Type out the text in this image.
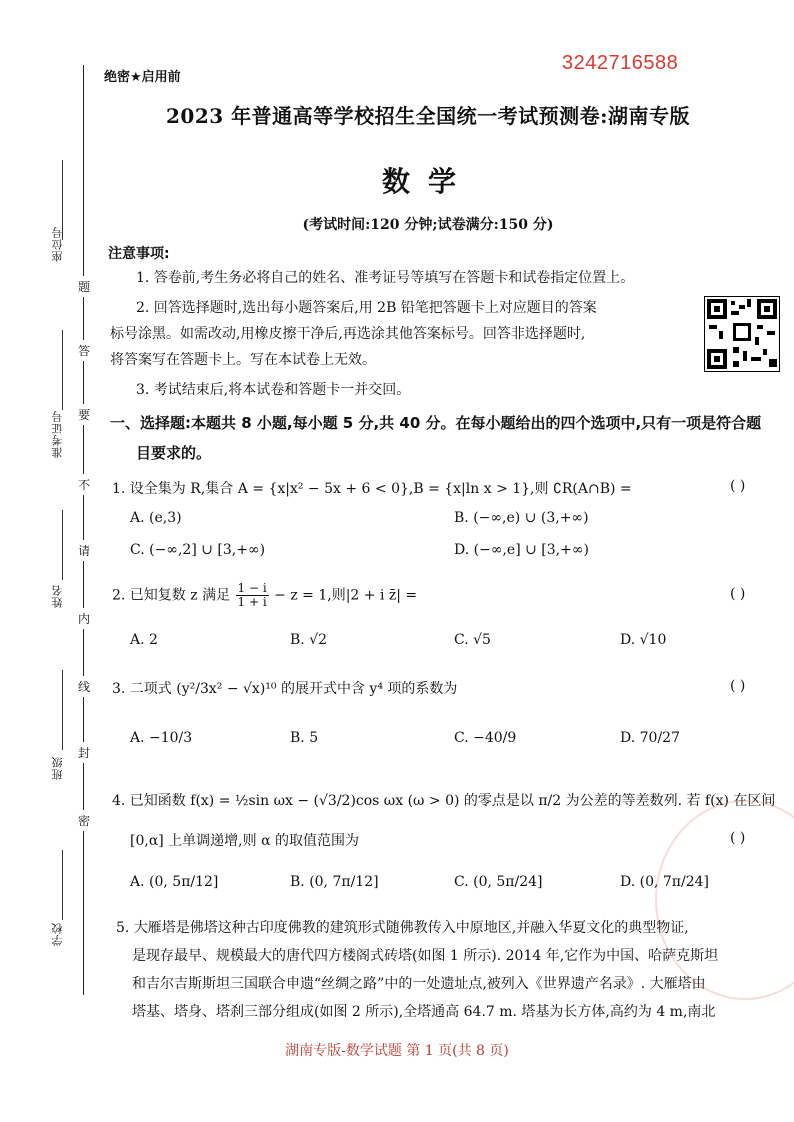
座位号
准考证号
姓名
班级
学校
题
答
要
不
请
内
线
封
密
绝密★启用前
3242716588
2023 年普通高等学校招生全国统一考试预测卷:湖南专版
数学
(考试时间:120 分钟;试卷满分:150 分)
注意事项:
1. 答卷前,考生务必将自己的姓名、准考证号等填写在答题卡和试卷指定位置上。
2. 回答选择题时,选出每小题答案后,用 2B 铅笔把答题卡上对应题目的答案
标号涂黑。如需改动,用橡皮擦干净后,再选涂其他答案标号。回答非选择题时,
将答案写在答题卡上。写在本试卷上无效。
3. 考试结束后,将本试卷和答题卡一并交回。
一、选择题:本题共 8 小题,每小题 5 分,共 40 分。在每小题给出的四个选项中,只有一项是符合题
目要求的。
1. 设全集为 R,集合 A = {x|x² − 5x + 6 < 0},B = {x|ln x > 1},则 ∁R(A∩B) =	( )
A. (e,3)	B. (−∞,e) ∪ (3,+∞)
C. (−∞,2] ∪ [3,+∞)	D. (−∞,e] ∪ [3,+∞)
2. 已知复数 z 满足 $\frac{1 - i}{1 + i} - z = 1$,则|2 + i z̄| =	( )
A. 2	B. √2	C. √5	D. √10
3. 二项式 (y²/3x² − √x)¹⁰ 的展开式中含 y⁴ 项的系数为	( )
A. −10/3	B. 5	C. −40/9	D. 70/27
4. 已知函数 f(x) = ½sin ωx − (√3/2)cos ωx (ω > 0) 的零点是以 π/2 为公差的等差数列. 若 f(x) 在区间
[0,α] 上单调递增,则 α 的取值范围为	( )
A. (0, 5π/12]	B. (0, 7π/12]	C. (0, 5π/24]	D. (0, 7π/24]
5. 大雁塔是佛塔这种古印度佛教的建筑形式随佛教传入中原地区,并融入华夏文化的典型物证,
是现存最早、规模最大的唐代四方楼阁式砖塔(如图 1 所示). 2014 年,它作为中国、哈萨克斯坦
和吉尔吉斯斯坦三国联合申遗“丝绸之路”中的一处遗址点,被列入《世界遗产名录》. 大雁塔由
塔基、塔身、塔刹三部分组成(如图 2 所示),全塔通高 64.7 m. 塔基为长方体,高约为 4 m,南北
湖南专版-数学试题 第 1 页(共 8 页)
